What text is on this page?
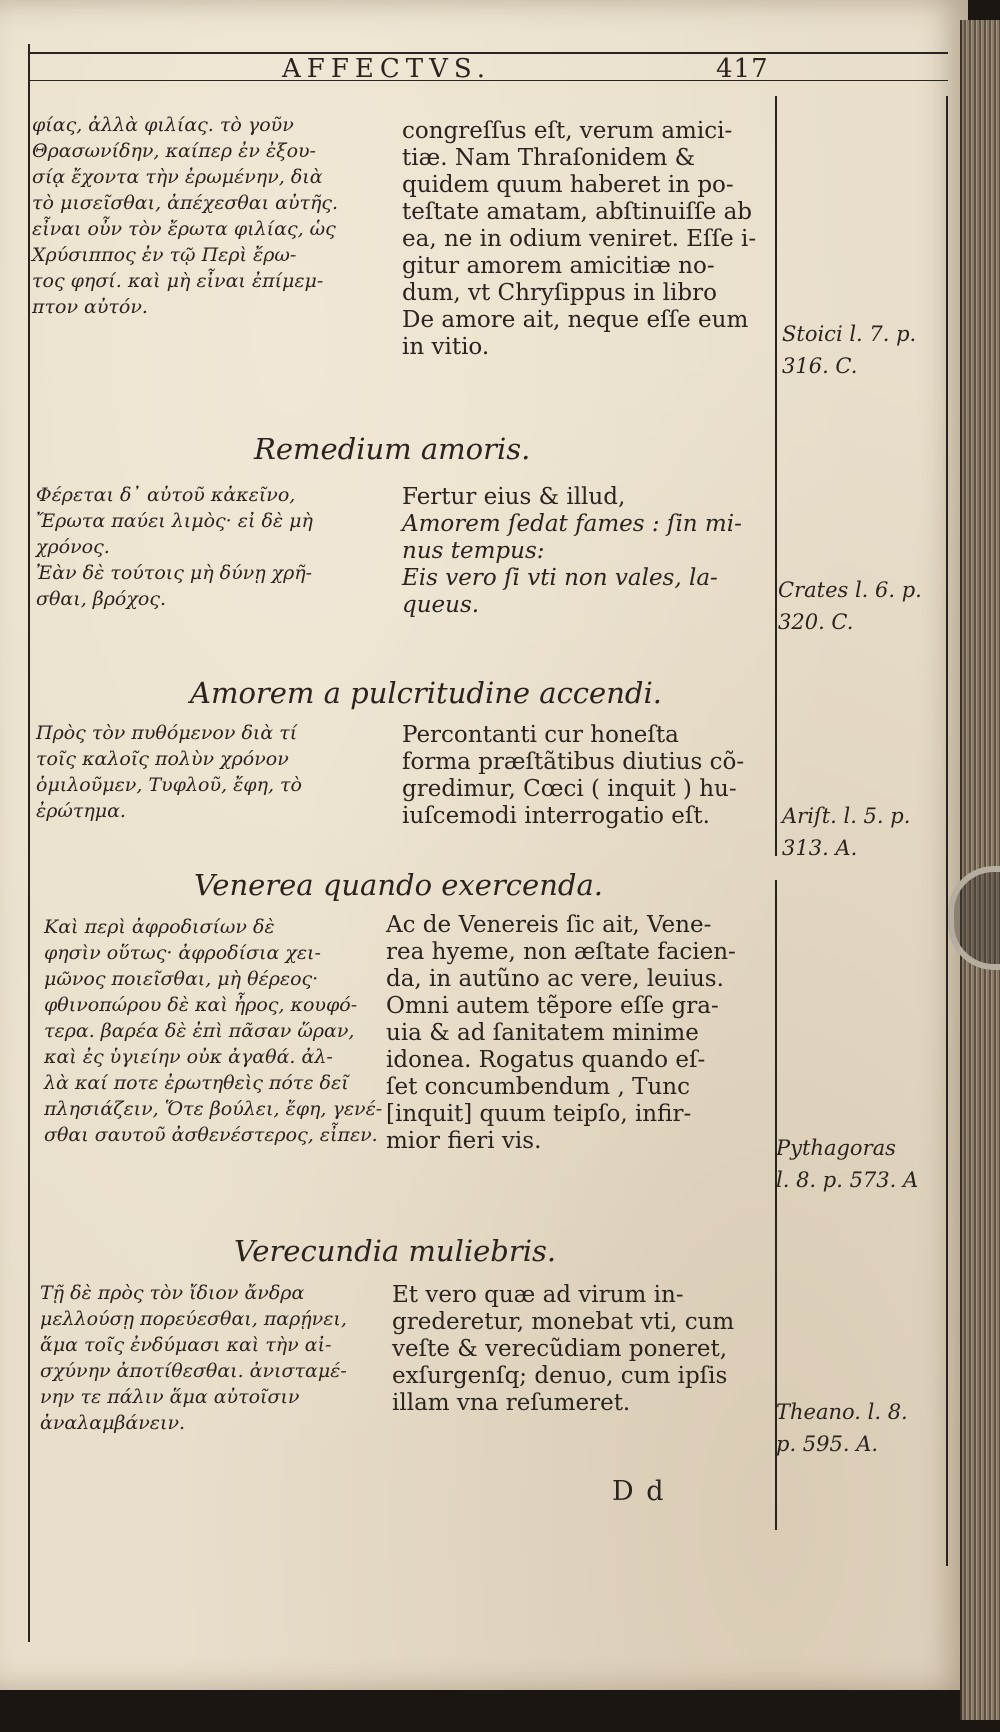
AFFECTVS.	417

φίας, ἀλλὰ φιλίας. τὸ γοῦν

Θρασωνίδην, καίπερ ἐν ἐξου-

σίᾳ ἔχοντα τὴν ἐρωμένην, διὰ

τὸ μισεῖσθαι, ἀπέχεσθαι αὐτῆς.

εἶναι οὖν τὸν ἔρωτα φιλίας, ὡς

Χρύσιππος ἐν τῷ Περὶ ἔρω-

τος φησί. καὶ μὴ εἶναι ἐπίμεμ-

πτον αὐτόν.

congreſſus eſt, verum amici-

tiæ. Nam Thraſonidem &

quidem quum haberet in po-

teſtate amatam, abſtinuiſſe ab

ea, ne in odium veniret. Eſſe i-

gitur amorem amicitiæ no-

dum, vt Chryſippus in libro

De amore ait, neque eſſe eum

in vitio.	Stoici l. 7. p.

316. C.

Remedium amoris.

Φέρεται δ᾽ αὐτοῦ κἀκεῖνο,

Ἔρωτα παύει λιμὸς· εἰ δὲ μὴ

χρόνος.

Ἐὰν δὲ τούτοις μὴ δύνῃ χρῆ-

σθαι, βρόχος.

Fertur eius & illud,

Amorem ſedat fames : ſin mi-

nus tempus:

Eis vero ſi vti non vales, la-

queus.

Crates l. 6. p.

320. C.

Amorem a pulcritudine accendi.

Πρὸς τὸν πυθόμενον διὰ τί

τοῖς καλοῖς πολὺν χρόνον

ὁμιλοῦμεν, Τυφλοῦ, ἔφη, τὸ

ἐρώτημα.

Percontanti cur honeſta

forma præſtãtibus diutius cõ-

gredimur, Cœci ( inquit ) hu-

iuſcemodi interrogatio eſt.	Ariſt. l. 5. p.

313. A.

Venerea quando exercenda.

Καὶ περὶ ἀφροδισίων δὲ

φησὶν οὕτως· ἀφροδίσια χει-

μῶνος ποιεῖσθαι, μὴ θέρεος·

φθινοπώρου δὲ καὶ ἦρος, κουφό-

τερα. βαρέα δὲ ἐπὶ πᾶσαν ὥραν,

καὶ ἐς ὑγιείην οὐκ ἀγαθά. ἀλ-

λὰ καί ποτε ἐρωτηθεὶς πότε δεῖ

πλησιάζειν, Ὅτε βούλει, ἔφη, γενέ-

σθαι σαυτοῦ ἀσθενέστερος, εἶπεν.

Ac de Venereis ſic ait, Vene-

rea hyeme, non æſtate facien-

da, in autũno ac vere, leuius.

Omni autem tẽpore eſſe gra-

uia & ad ſanitatem minime

idonea. Rogatus quando eſ-

ſet concumbendum , Tunc

[inquit] quum teipſo, infir-

mior fieri vis.	Pythagoras

l. 8. p. 573. A

Verecundia muliebris.

Τῇ δὲ πρὸς τὸν ἴδιον ἄνδρα

μελλούσῃ πορεύεσθαι, παρῄνει,

ἅμα τοῖς ἐνδύμασι καὶ τὴν αἰ-

σχύνην ἀποτίθεσθαι. ἀνισταμέ-

νην τε πάλιν ἅμα αὐτοῖσιν

ἀναλαμβάνειν.

Et vero quæ ad virum in-

grederetur, monebat vti, cum

veſte & verecũdiam poneret,

exſurgenſq; denuo, cum ipſis

illam vna reſumeret.	Theano. l. 8.

p. 595. A.

D d
